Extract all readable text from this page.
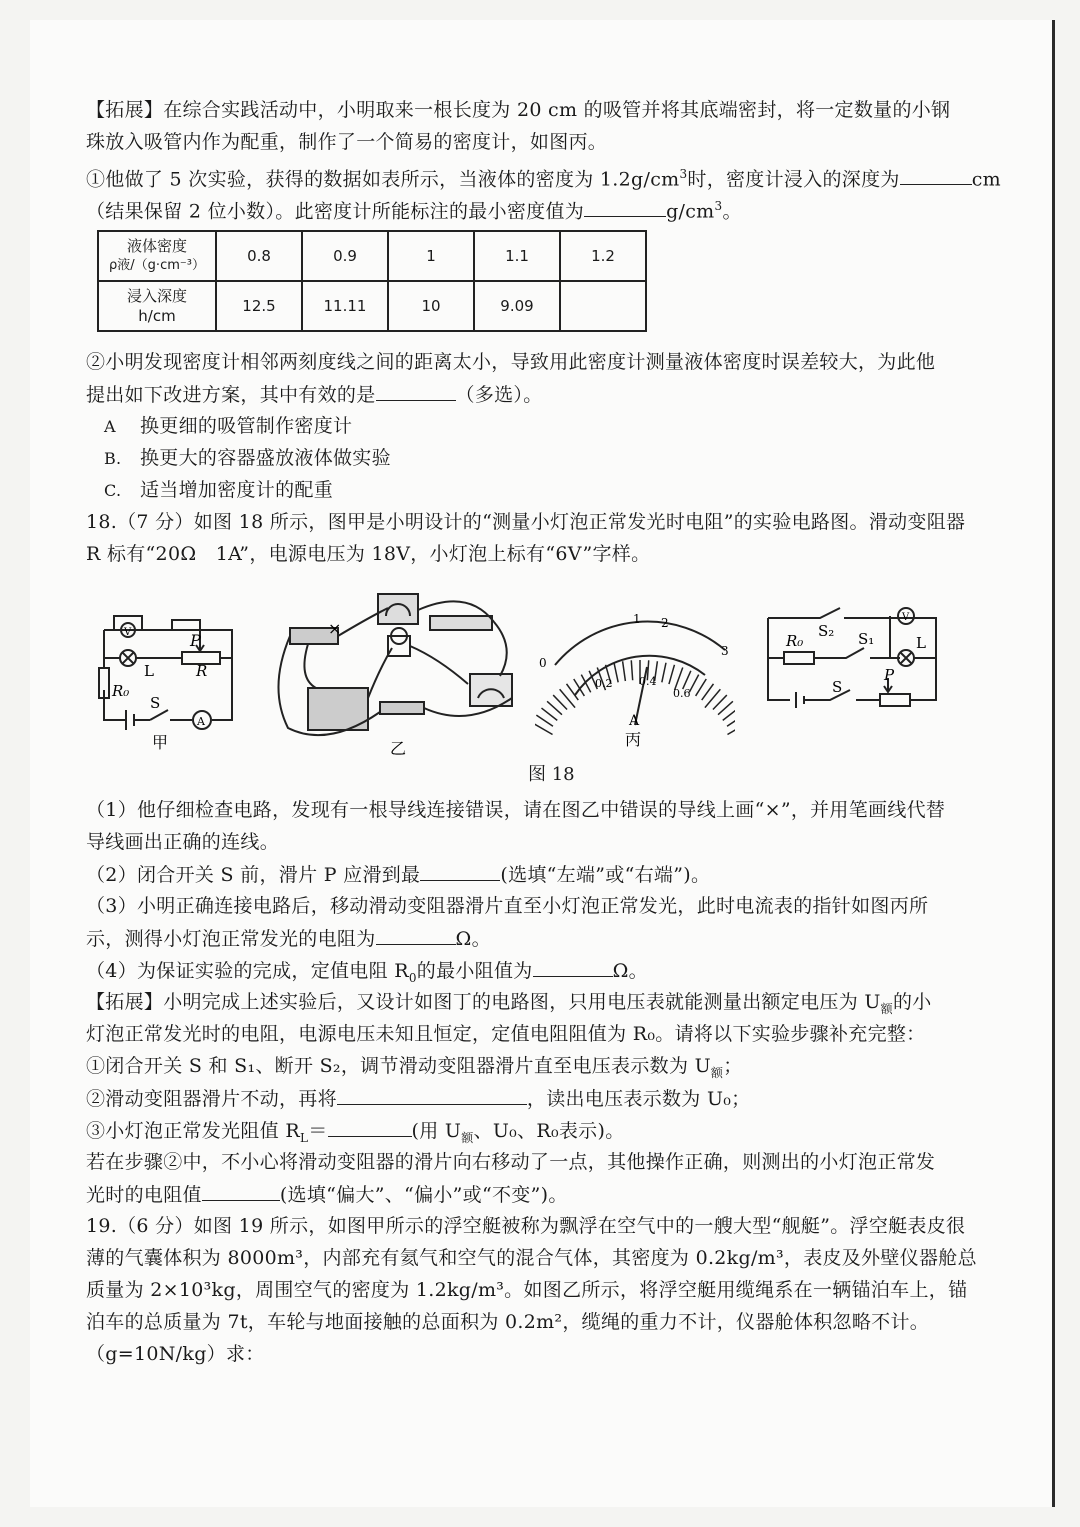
【拓展】在综合实践活动中，小明取来一根长度为 20 cm 的吸管并将其底端密封，将一定数量的小钢
珠放入吸管内作为配重，制作了一个简易的密度计，如图丙。
①他做了 5 次实验，获得的数据如表所示，当液体的密度为 $1.2g/cm^3$时，密度计浸入的深度为	cm
（结果保留 2 位小数）。此密度计所能标注的最小密度值为	$g/cm^3$。
液体密度
ρ液/（g·cm⁻³）	0.8	0.9	1	1.1	1.2

浸入深度
h/cm	12.5	11.11	10	9.09	
②小明发现密度计相邻两刻度线之间的距离太小，导致用此密度计测量液体密度时误差较大，为此他
提出如下改进方案，其中有效的是	（多选）。
A 换更细的吸管制作密度计
B. 换更大的容器盛放液体做实验
C. 适当增加密度计的配重
18.（7 分）如图 18 所示，图甲是小明设计的“测量小灯泡正常发光时电阻”的实验电路图。滑动变阻器
R 标有“20Ω　1A”，电源电压为 18V，小灯泡上标有“6V”字样。
V
A
P
R
L
R₀
S
甲
×
乙
0
0.2 0.4
0.6
1 2
3
A
丙
V
R₀
S₂ S₁	L
S
P
图 18
（1）他仔细检查电路，发现有一根导线连接错误，请在图乙中错误的导线上画“×”，并用笔画线代替
导线画出正确的连线。
（2）闭合开关 S 前，滑片 P 应滑到最	(选填“左端”或“右端”)。
（3）小明正确连接电路后，移动滑动变阻器滑片直至小灯泡正常发光，此时电流表的指针如图丙所
示，测得小灯泡正常发光的电阻为	Ω。
（4）为保证实验的完成，定值电阻 $R_0$的最小阻值为	Ω。
【拓展】小明完成上述实验后，又设计如图丁的电路图，只用电压表就能测量出额定电压为 $U_额$的小
灯泡正常发光时的电阻，电源电压未知且恒定，定值电阻阻值为 R₀。请将以下实验步骤补充完整：
①闭合开关 S 和 S₁、断开 S₂，调节滑动变阻器滑片直至电压表示数为 $U_额$；
②滑动变阻器滑片不动，再将	，读出电压表示数为 U₀；
③小灯泡正常发光阻值 $R_L=$	(用 $U_额$、U₀、R₀表示)。
若在步骤②中，不小心将滑动变阻器的滑片向右移动了一点，其他操作正确，则测出的小灯泡正常发
光时的电阻值	(选填“偏大”、“偏小”或“不变”)。
19.（6 分）如图 19 所示，如图甲所示的浮空艇被称为飘浮在空气中的一艘大型“舰艇”。浮空艇表皮很
薄的气囊体积为 8000m³，内部充有氦气和空气的混合气体，其密度为 0.2kg/m³，表皮及外壁仪器舱总
质量为 2×10³kg，周围空气的密度为 1.2kg/m³。如图乙所示，将浮空艇用缆绳系在一辆锚泊车上，锚
泊车的总质量为 7t，车轮与地面接触的总面积为 0.2m²，缆绳的重力不计，仪器舱体积忽略不计。
（g=10N/kg）求：
